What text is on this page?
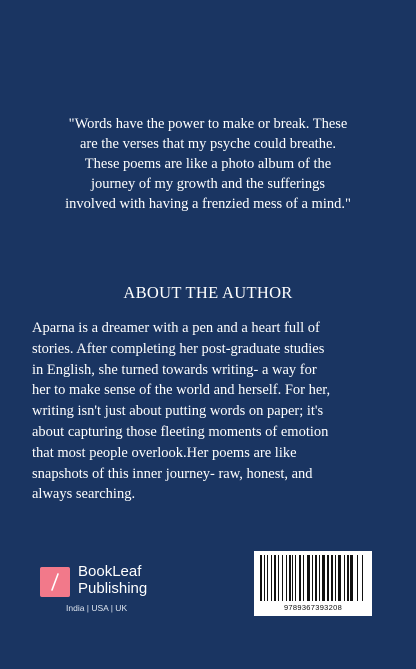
"Words have the power to make or break. These
are the verses that my psyche could breathe.
These poems are like a photo album of the
journey of my growth and the sufferings
involved with having a frenzied mess of a mind."
ABOUT THE AUTHOR
Aparna is a dreamer with a pen and a heart full of
stories. After completing her post-graduate studies
in English, she turned towards writing- a way for
her to make sense of the world and herself. For her,
writing isn't just about putting words on paper; it's
about capturing those fleeting moments of emotion
that most people overlook.Her poems are like
snapshots of this inner journey- raw, honest, and
always searching.
BookLeaf
Publishing
India | USA | UK	9789367393208
